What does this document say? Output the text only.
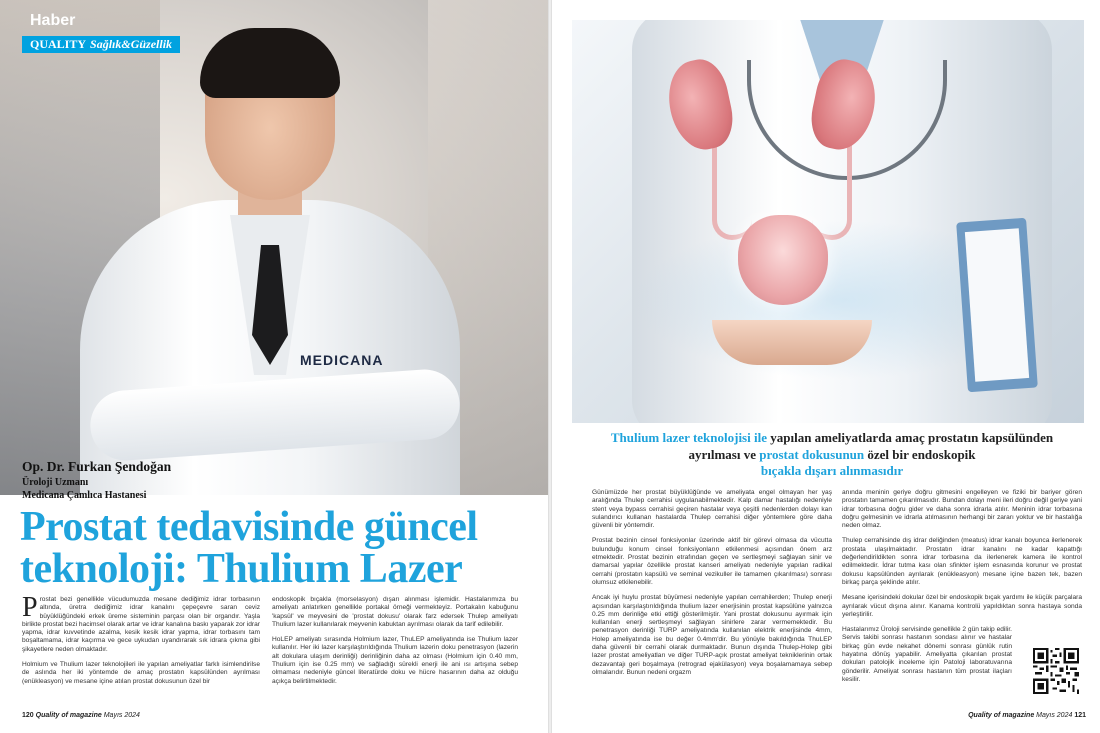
MEDICANA
Haber
QUALITY Sağlık&Güzellik
Op. Dr. Furkan Şendoğan
Üroloji Uzmanı
Medicana Çamlıca Hastanesi
Prostat tedavisinde güncel
teknoloji: Thulium Lazer

Prostat bezi genellikle vücudumuzda mesane dediğimiz idrar torbasının altında, üretra dediğimiz idrar kanalını çepeçevre saran ceviz büyüklüğündeki erkek üreme sisteminin parçası olan bir organdır. Yaşla birlikte prostat bezi hacimsel olarak artar ve idrar kanalına baskı yaparak zor idrar yapma, idrar kuvvetinde azalma, kesik kesik idrar yapma, idrar torbasını tam boşaltamama, idrar kaçırma ve gece uykudan uyandırarak sık idrara çıkma gibi şikayetlere neden olmaktadır.

Holmium ve Thulium lazer teknolojileri ile yapılan ameliyatlar farklı isimlendirilse de aslında her iki yöntemde de amaç prostatın kapsülünden ayrılması (enükleasyon) ve mesane içine atılan prostat dokusunun özel bir

endoskopik bıçakla (morselasyon) dışarı alınması işlemidir. Hastalarımıza bu ameliyatı anlatırken genellikle portakal örneği vermekteyiz. Portakalın kabuğunu 'kapsül' ve meyvesini de 'prostat dokusu' olarak farz edersek Thulep ameliyatı Thulium lazer kullanılarak meyvenin kabuktan ayrılması olarak da tarif edilebilir.

HoLEP ameliyatı sırasında Holmium lazer, ThuLEP ameliyatında ise Thulium lazer kullanılır. Her iki lazer karşılaştırıldığında Thulium lazerin doku penetrasyon (lazerin alt dokulara ulaşım derinliği) derinliğinin daha az olması (Holmium için 0.40 mm, Thulium için ise 0.25 mm) ve sağladığı sürekli enerji ile ani ısı artışına sebep olmaması nedeniyle güncel literatürde doku ve hücre hasarının daha az olduğu açıkça belirtilmektedir.

120 Quality of magazine Mayıs 2024
Thulium lazer teknolojisi ile yapılan ameliyatlarda amaç prostatın kapsülünden ayrılması ve prostat dokusunun özel bir endoskopik
bıçakla dışarı alınmasıdır

Günümüzde her prostat büyüklüğünde ve ameliyata engel olmayan her yaş aralığında Thulep cerrahisi uygulanabilmektedir. Kalp damar hastalığı nedeniyle stent veya bypass cerrahisi geçiren hastalar veya çeşitli nedenlerden dolayı kan sulandırıcı kullanan hastalarda Thulep cerrahisi diğer yöntemlere göre daha güvenli bir yöntemdir.

Prostat bezinin cinsel fonksiyonlar üzerinde aktif bir görevi olmasa da vücutta bulunduğu konum cinsel fonksiyonların etkilenmesi açısından önem arz etmektedir. Prostat bezinin etrafından geçen ve sertleşmeyi sağlayan sinir ve damarsal yapılar özellikle prostat kanseri ameliyatı nedeniyle yapılan radikal cerrahi (prostatın kapsülü ve seminal vezikuller ile tamamen çıkarılması) sonrası olumsuz etkilenebilir.

Ancak iyi huylu prostat büyümesi nedeniyle yapılan cerrahilerden; Thulep enerji açısından karşılaştırıldığında thulium lazer enerjisinin prostat kapsülüne yalnızca 0.25 mm derinliğe etki ettiği gösterilmiştir. Yani prostat dokusunu ayırmak için kullanılan enerji sertleşmeyi sağlayan sinirlere zarar vermemektedir. Bu penetrasyon derinliği TURP ameliyatında kullanılan elektrik enerjisinde 4mm, Holep ameliyatında ise bu değer 0.4mm'dir. Bu yönüyle bakıldığında ThuLEP daha güvenli bir cerrahi olarak durmaktadır. Bunun dışında Thulep-Holep gibi lazer prostat ameliyatları ve diğer TURP-açık prostat ameliyat tekniklerinin ortak dezavantajı geri boşalmaya (retrograd ejakülasyon) veya boşalamamaya sebep olmalarıdır. Bunun nedeni orgazm

anında meninin geriye doğru gitmesini engelleyen ve fiziki bir bariyer gören prostatın tamamen çıkarılmasıdır. Bundan dolayı meni ileri doğru değil geriye yani idrar torbasına doğru gider ve daha sonra idrarla atılır. Meninin idrar torbasına doğru gelmesinin ve idrarla atılmasının herhangi bir zararı yoktur ve bir hastalığa neden olmaz.

Thulep cerrahisinde dış idrar deliğinden (meatus) idrar kanalı boyunca ilerlenerek prostata ulaşılmaktadır. Prostatın idrar kanalını ne kadar kapattığı değerlendirildikten sonra idrar torbasına da ilerlenerek kamera ile kontrol edilmektedir. İdrar tutma kası olan sfinkter işlem esnasında korunur ve prostat dokusu kapsülünden ayrılarak (enükleasyon) mesane içine bazen tek, bazen birkaç parça şeklinde atılır.

Mesane içerisindeki dokular özel bir endoskopik bıçak yardımı ile küçük parçalara ayrılarak vücut dışına alınır. Kanama kontrolü yapıldıktan sonra hastaya sonda yerleştirilir.

Hastalarımız Üroloji servisinde genellikle 2 gün takip edilir. Servis takibi sonrası hastanın sondası alınır ve hastalar birkaç gün evde nekahet dönemi sonrası günlük rutin hayatına dönüş yapabilir. Ameliyatta çıkarılan prostat dokuları patolojik inceleme için Patoloji laboratuvarına gönderilir. Ameliyat sonrası hastanın tüm prostat ilaçları kesilir.

Quality of magazine Mayıs 2024 121
